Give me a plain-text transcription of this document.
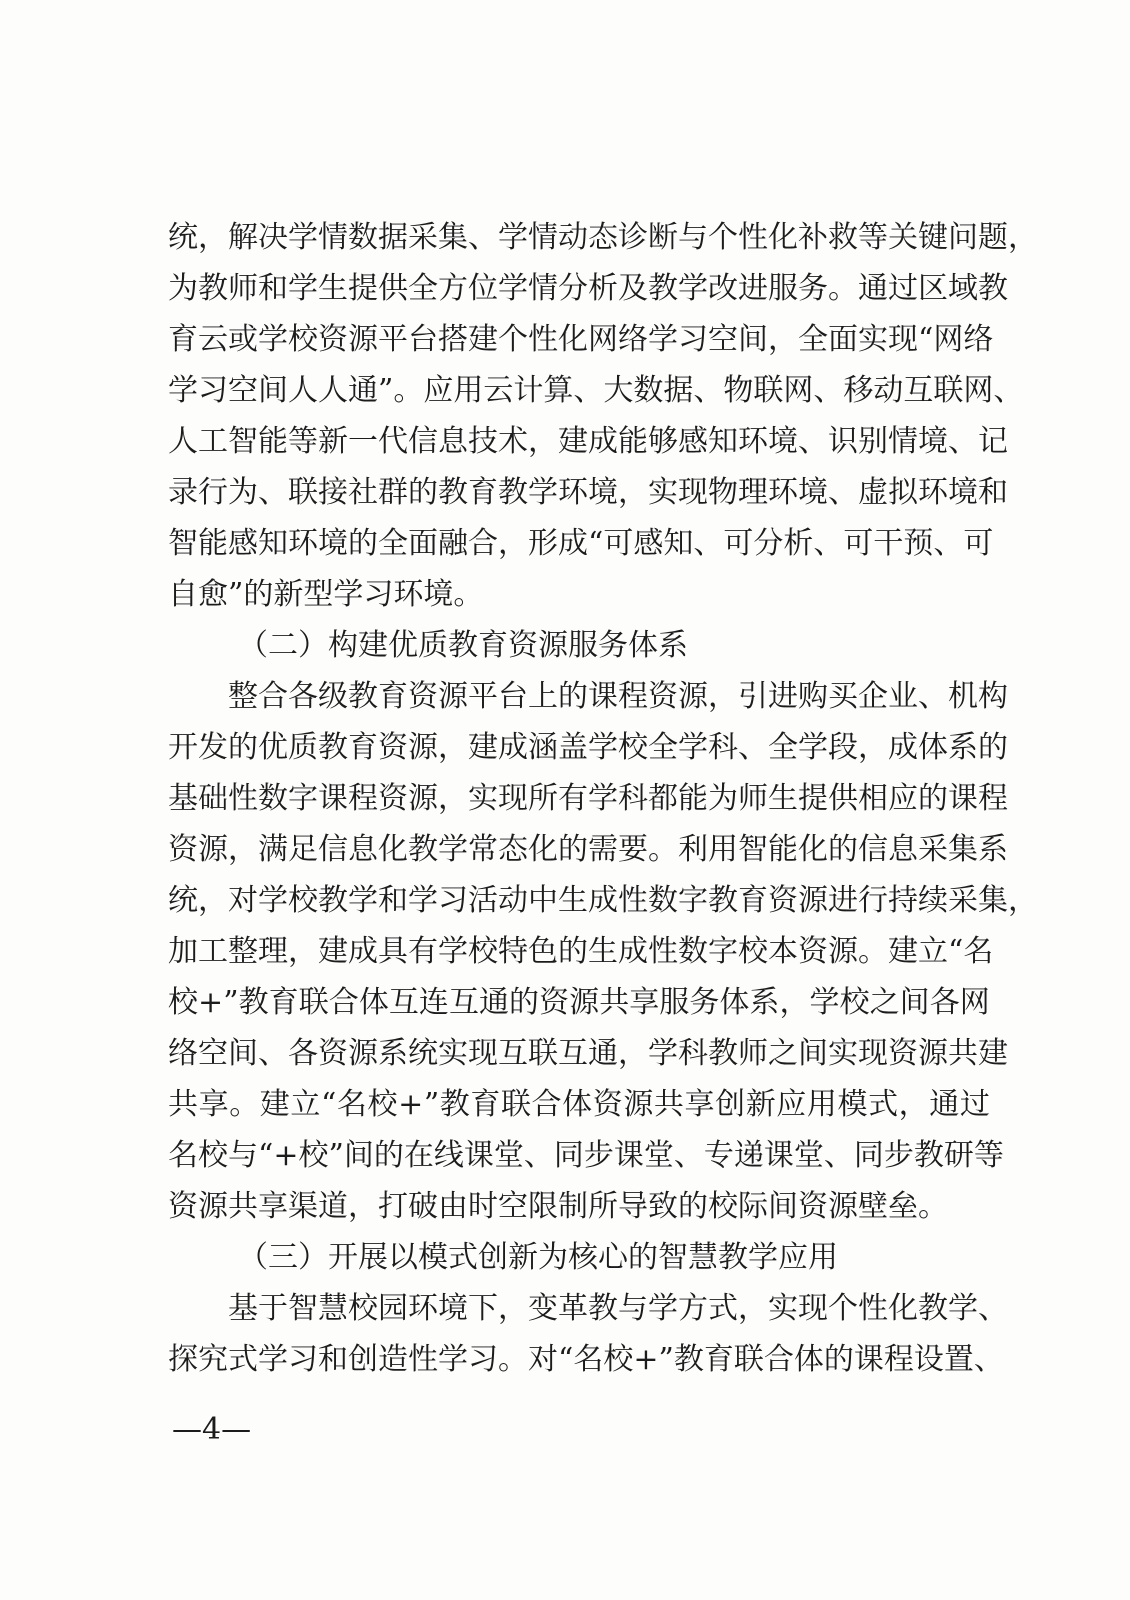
统 ， 解 决 学 情 数 据 采 集 、 学 情 动 态 诊 断 与 个 性 化 补 救 等 关 键 问 题 ，
为 教 师 和 学 生 提 供 全 方 位 学 情 分 析 及 教 学 改 进 服 务 。 通 过 区 域 教
育 云 或 学 校 资 源 平 台 搭 建 个 性 化 网 络 学 习 空 间 ， 全 面 实 现 “ 网 络
学 习 空 间 人 人 通 ” 。 应 用 云 计 算 、 大 数 据 、 物 联 网 、 移 动 互 联 网 、
人 工 智 能 等 新 一 代 信 息 技 术 ， 建 成 能 够 感 知 环 境 、 识 别 情 境 、 记
录 行 为 、 联 接 社 群 的 教 育 教 学 环 境 ， 实 现 物 理 环 境 、 虚 拟 环 境 和
智 能 感 知 环 境 的 全 面 融 合 ， 形 成 “ 可 感 知 、 可 分 析 、 可 干 预 、 可
自愈”的新型学习环境。
（二）构建优质教育资源服务体系
整 合 各 级 教 育 资 源 平 台 上 的 课 程 资 源 ， 引 进 购 买 企 业 、 机 构
开 发 的 优 质 教 育 资 源 ， 建 成 涵 盖 学 校 全 学 科 、 全 学 段 ， 成 体 系 的
基 础 性 数 字 课 程 资 源 ， 实 现 所 有 学 科 都 能 为 师 生 提 供 相 应 的 课 程
资 源 ， 满 足 信 息 化 教 学 常 态 化 的 需 要 。 利 用 智 能 化 的 信 息 采 集 系
统 ， 对 学 校 教 学 和 学 习 活 动 中 生 成 性 数 字 教 育 资 源 进 行 持 续 采 集 ，
加 工 整 理 ， 建 成 具 有 学 校 特 色 的 生 成 性 数 字 校 本 资 源 。 建 立 “ 名
校 + ” 教 育 联 合 体 互 连 互 通 的 资 源 共 享 服 务 体 系 ， 学 校 之 间 各 网
络 空 间 、 各 资 源 系 统 实 现 互 联 互 通 ， 学 科 教 师 之 间 实 现 资 源 共 建
共 享 。 建 立 “ 名 校 + ” 教 育 联 合 体 资 源 共 享 创 新 应 用 模 式 ， 通 过
名 校 与 “ + 校 ” 间 的 在 线 课 堂 、 同 步 课 堂 、 专 递 课 堂 、 同 步 教 研 等
资源共享渠道，打破由时空限制所导致的校际间资源壁垒。
（三）开展以模式创新为核心的智慧教学应用
基 于 智 慧 校 园 环 境 下 ， 变 革 教 与 学 方 式 ， 实 现 个 性 化 教 学 、
探 究 式 学 习 和 创 造 性 学 习 。 对 “ 名 校 + ” 教 育 联 合 体 的 课 程 设 置 、
—4—
